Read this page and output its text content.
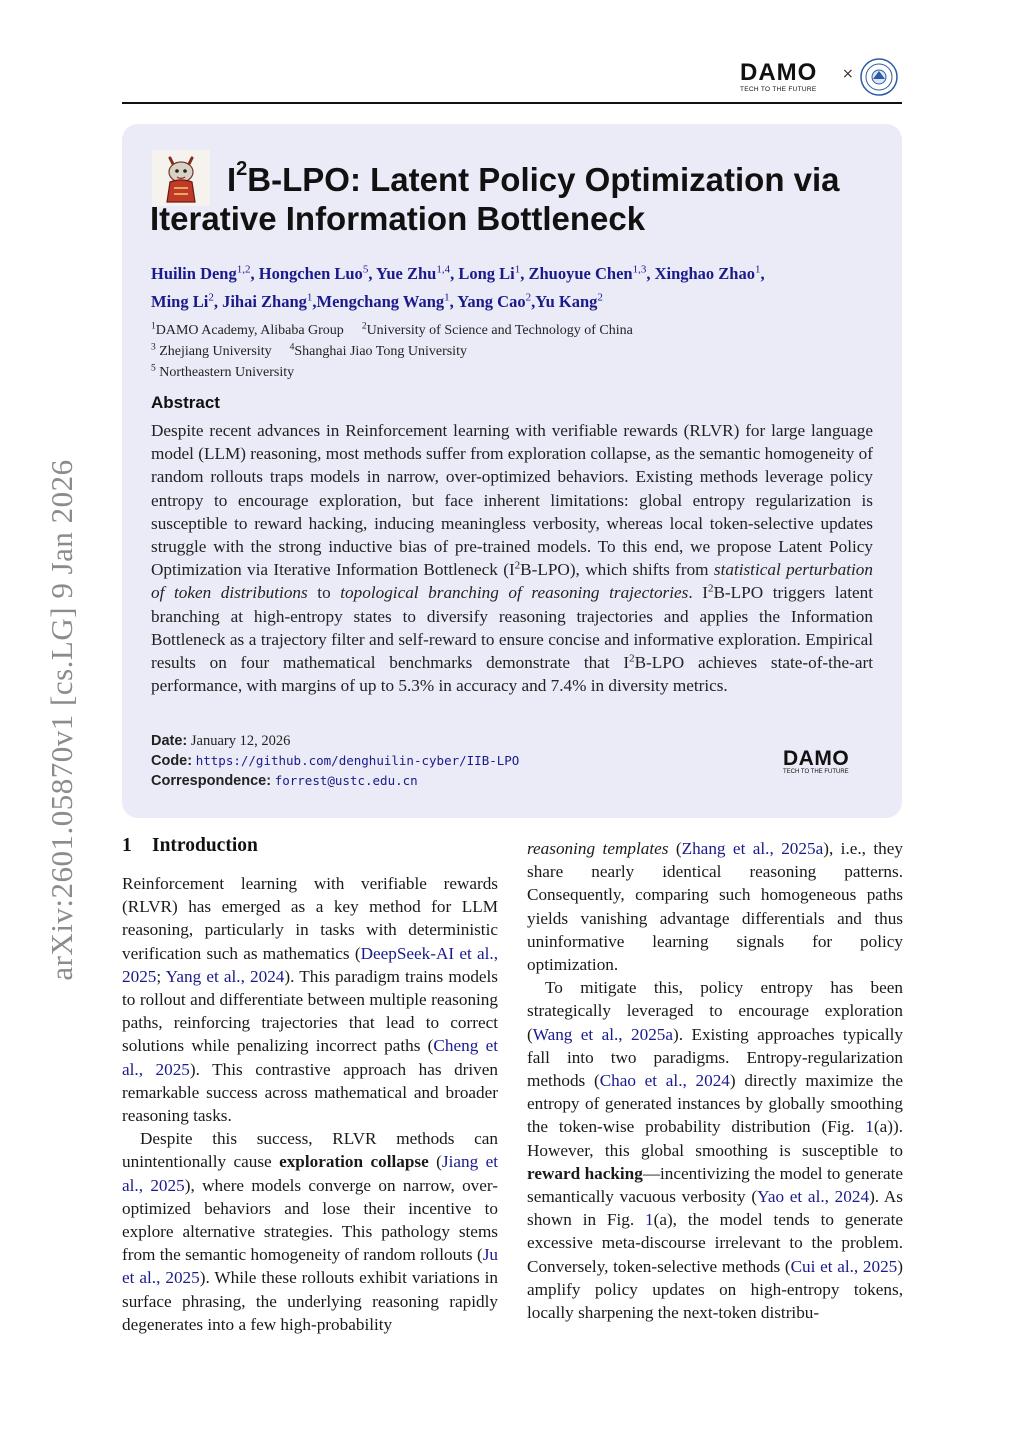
DAMO
TECH TO THE FUTURE
×
arXiv:2601.05870v1 [cs.LG] 9 Jan 2026
$I^2B$-LPO: Latent Policy Optimization via
Iterative Information Bottleneck
Huilin Deng$^{1,2}$, Hongchen Luo$^5$, Yue Zhu$^{1,4}$, Long Li$^1$, Zhuoyue Chen$^{1,3}$, Xinghao Zhao$^1$,
Ming Li$^2$, Jihai Zhang$^1$,Mengchang Wang$^1$, Yang Cao$^2$,Yu Kang$^2$
$^1$DAMO Academy, Alibaba Group $^2$University of Science and Technology of China
$^3$ Zhejiang University $^4$Shanghai Jiao Tong University
$^5$ Northeastern University
Abstract

Despite recent advances in Reinforcement learning with verifiable rewards (RLVR) for large language model (LLM) reasoning, most methods suffer from exploration collapse, as the semantic homogeneity of random rollouts traps models in narrow, over-optimized behaviors. Existing methods leverage policy entropy to encourage exploration, but face inherent limitations: global entropy regularization is susceptible to reward hacking, inducing meaningless verbosity, whereas local token-selective updates struggle with the strong inductive bias of pre-trained models. To this end, we propose Latent Policy Optimization via Iterative Information Bottleneck $(I^2B-LPO)$, which shifts from statistical perturbation of token distributions to topological branching of reasoning trajectories. $I^2B$-LPO triggers latent branching at high-entropy states to diversify reasoning trajectories and applies the Information Bottleneck as a trajectory filter and self-reward to ensure concise and informative exploration. Empirical results on four mathematical benchmarks demonstrate that $I^2B$-LPO achieves state-of-the-art performance, with margins of up to 5.3% in accuracy and 7.4% in diversity metrics.

Date: January 12, 2026
Code: https://github.com/denghuilin-cyber/IIB-LPO
Correspondence: forrest@ustc.edu.cn
DAMO
TECH TO THE FUTURE
1 Introduction

Reinforcement learning with verifiable rewards (RLVR) has emerged as a key method for LLM reasoning, particularly in tasks with deterministic verification such as mathematics (DeepSeek-AI et al., 2025; Yang et al., 2024). This paradigm trains models to rollout and differentiate between multiple reasoning paths, reinforcing trajectories that lead to correct solutions while penalizing incorrect paths (Cheng et al., 2025). This contrastive approach has driven remarkable success across mathematical and broader reasoning tasks.

Despite this success, RLVR methods can unintentionally cause exploration collapse (Jiang et al., 2025), where models converge on narrow, over-optimized behaviors and lose their incentive to explore alternative strategies. This pathology stems from the semantic homogeneity of random rollouts (Ju et al., 2025). While these rollouts exhibit variations in surface phrasing, the underlying reasoning rapidly degenerates into a few high-probability

reasoning templates (Zhang et al., 2025a), i.e., they share nearly identical reasoning patterns. Consequently, comparing such homogeneous paths yields vanishing advantage differentials and thus uninformative learning signals for policy optimization.

To mitigate this, policy entropy has been strategically leveraged to encourage exploration (Wang et al., 2025a). Existing approaches typically fall into two paradigms. Entropy-regularization methods (Chao et al., 2024) directly maximize the entropy of generated instances by globally smoothing the token-wise probability distribution (Fig. 1(a)). However, this global smoothing is susceptible to reward hacking—incentivizing the model to generate semantically vacuous verbosity (Yao et al., 2024). As shown in Fig. 1(a), the model tends to generate excessive meta-discourse irrelevant to the problem. Conversely, token-selective methods (Cui et al., 2025) amplify policy updates on high-entropy tokens, locally sharpening the next-token distribu-
